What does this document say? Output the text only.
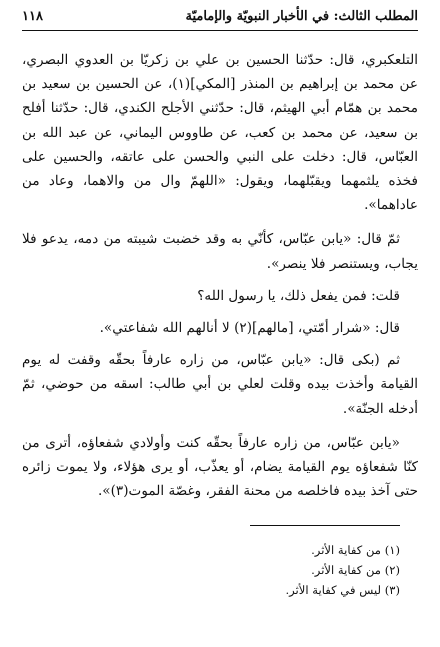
المطلب الثالث: في الأخبار النبويّة والإماميّة
١١٨

التلعكبري، قال: حدّثنا الحسين بن علي بن زكريّا بن العدوي البصري، عن محمد بن إبراهيم بن المنذر [المكي](١)، عن الحسين بن سعيد بن محمد بن همّام أبي الهيثم، قال: حدّثني الأجلح الكندي، قال: حدّثنا أفلح بن سعيد، عن محمد بن كعب، عن طاووس اليماني، عن عبد الله بن العبّاس، قال: دخلت على النبي والحسن على عاتقه، والحسين على فخذه يلثمهما ويقبّلهما، ويقول: «اللهمّ وال من والاهما، وعاد من عاداهما».

ثمّ قال: «يابن عبّاس، كأنّي به وقد خضبت شيبته من دمه، يدعو فلا يجاب، ويستنصر فلا ينصر».

قلت: فمن يفعل ذلك، يا رسول الله؟

قال: «شرار أمّتي، [مالهم](٢) لا أنالهم الله شفاعتي».

ثم (بكى قال: «يابن عبّاس، من زاره عارفاً بحقّه وقفت له يوم القيامة وأخذت بيده وقلت لعلي بن أبي طالب: اسقه من حوضي، ثمّ أدخله الجنّة».

«يابن عبّاس، من زاره عارفاً بحقّه كنت وأولادي شفعاؤه، أترى من كنّا شفعاؤه يوم القيامة يضام، أو يعذّب، أو يرى هؤلاء، ولا يموت زائره حتى آخذ بيده فاخلصه من محنة الفقر، وغصّة الموت(٣)».

(١) من كفاية الأثر.

(٢) من كفاية الأثر.

(٣) ليس في كفاية الأثر.
